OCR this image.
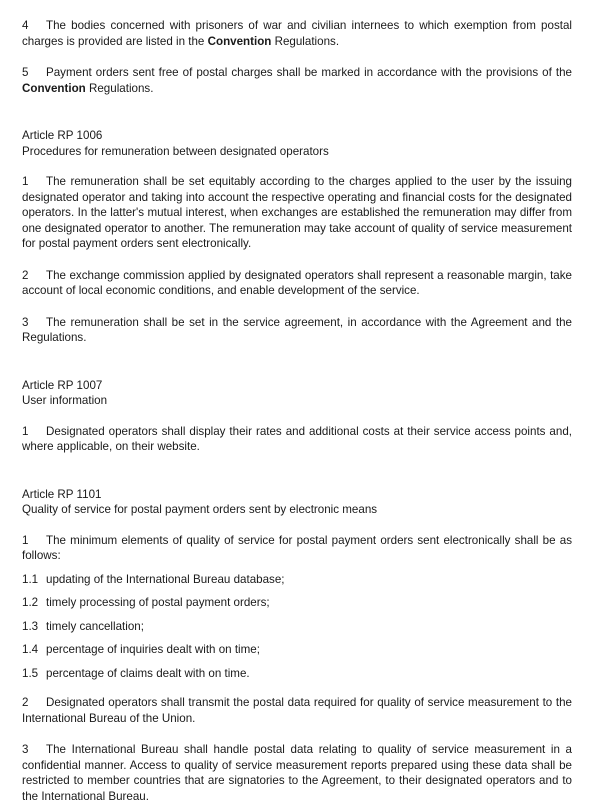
4 The bodies concerned with prisoners of war and civilian internees to which exemption from postal charges is provided are listed in the Convention Regulations.

5 Payment orders sent free of postal charges shall be marked in accordance with the provisions of the Convention Regulations.

Article RP 1006
Procedures for remuneration between designated operators

1 The remuneration shall be set equitably according to the charges applied to the user by the issuing designated operator and taking into account the respective operating and financial costs for the designated operators. In the latter's mutual interest, when exchanges are established the remuneration may differ from one designated operator to another. The remuneration may take account of quality of service measurement for postal payment orders sent electronically.

2 The exchange commission applied by designated operators shall represent a reasonable margin, take account of local economic conditions, and enable development of the service.

3 The remuneration shall be set in the service agreement, in accordance with the Agreement and the Regulations.

Article RP 1007
User information

1 Designated operators shall display their rates and additional costs at their service access points and, where applicable, on their website.

Article RP 1101
Quality of service for postal payment orders sent by electronic means

1 The minimum elements of quality of service for postal payment orders sent electronically shall be as follows:

1.1 updating of the International Bureau database;
1.2 timely processing of postal payment orders;
1.3 timely cancellation;
1.4 percentage of inquiries dealt with on time;
1.5 percentage of claims dealt with on time.

2 Designated operators shall transmit the postal data required for quality of service measurement to the International Bureau of the Union.

3 The International Bureau shall handle postal data relating to quality of service measurement in a confidential manner. Access to quality of service measurement reports prepared using these data shall be restricted to member countries that are signatories to the Agreement, to their designated operators and to the International Bureau.
